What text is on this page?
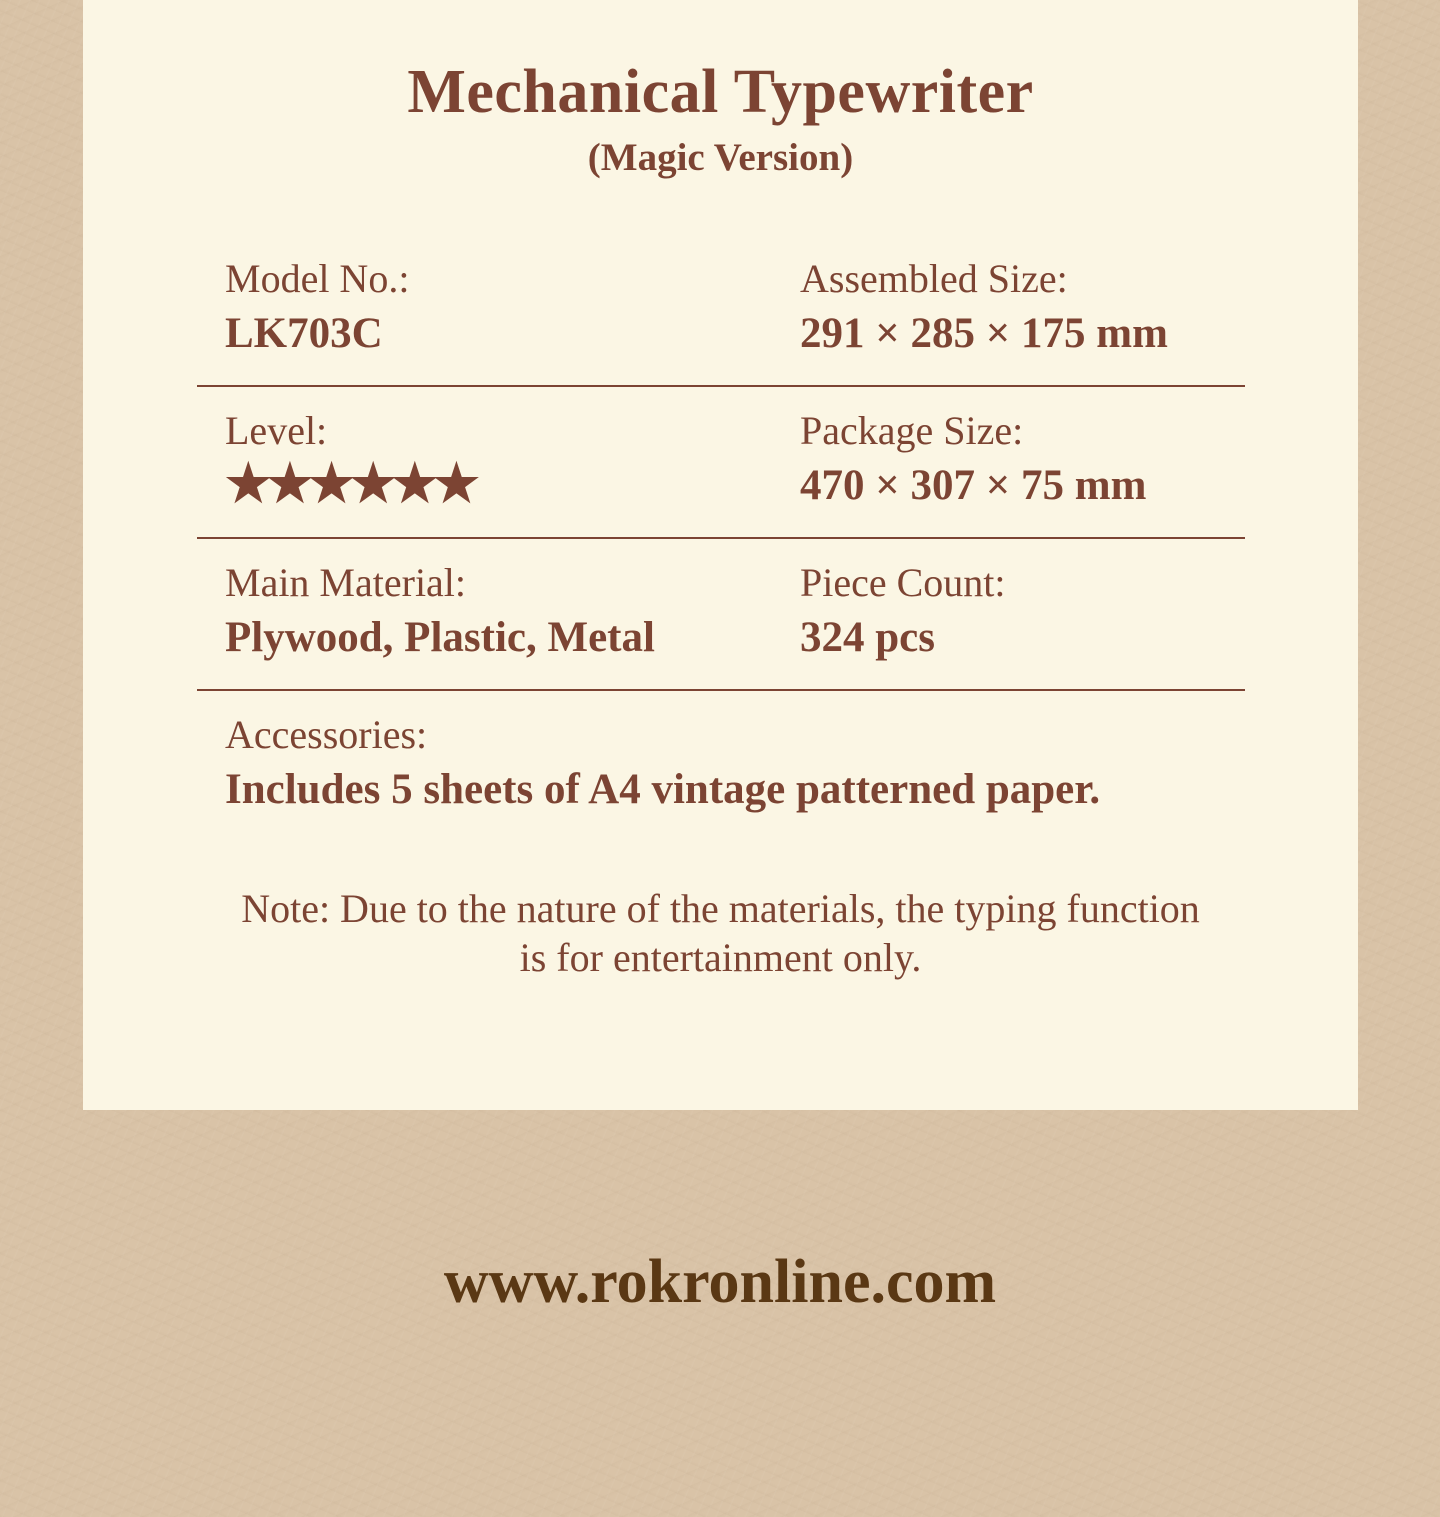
Mechanical Typewriter
(Magic Version)
Model No.:
LK703C
Assembled Size:
291 × 285 × 175 mm
Level:
★★★★★★
Package Size:
470 × 307 × 75 mm
Main Material:
Plywood, Plastic, Metal
Piece Count:
324 pcs
Accessories:
Includes 5 sheets of A4 vintage patterned paper.
Note: Due to the nature of the materials, the typing function
is for entertainment only.
www.rokronline.com
